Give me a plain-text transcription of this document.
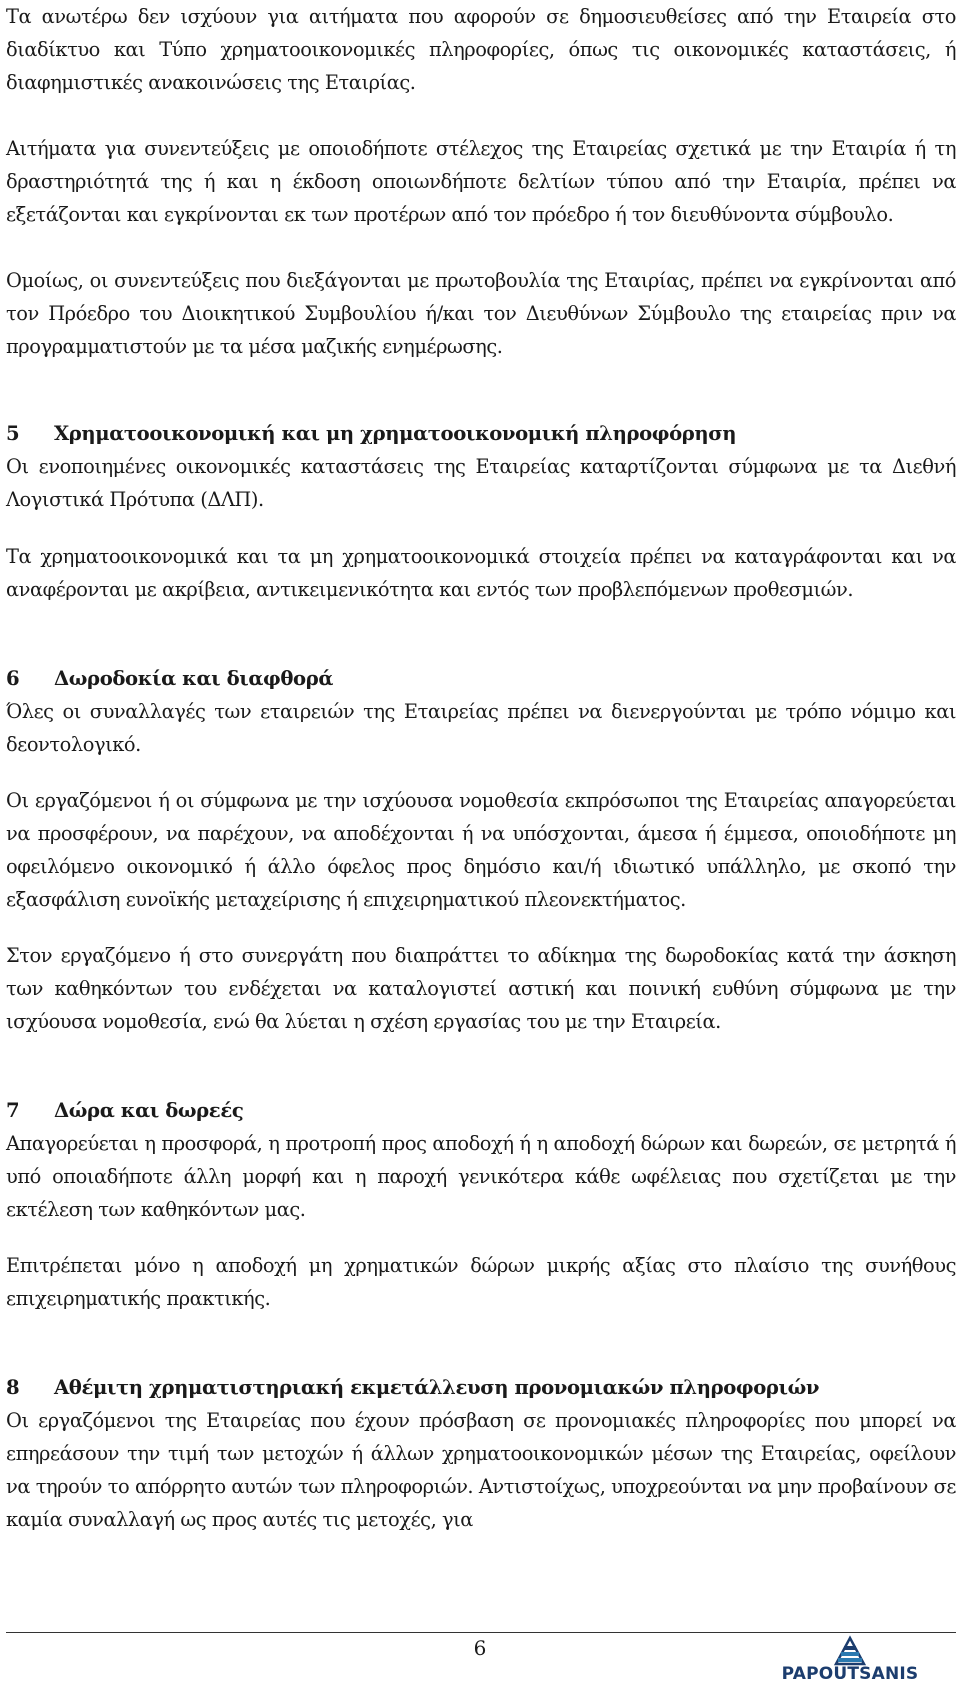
Τα ανωτέρω δεν ισχύουν για αιτήματα που αφορούν σε δημοσιευθείσες από την Εταιρεία στο διαδίκτυο και Τύπο χρηματοοικονομικές πληροφορίες, όπως τις οικονομικές καταστάσεις, ή διαφημιστικές ανακοινώσεις της Εταιρίας.

Αιτήματα για συνεντεύξεις με οποιοδήποτε στέλεχος της Εταιρείας σχετικά με την Εταιρία ή τη δραστηριότητά της ή και η έκδοση οποιωνδήποτε δελτίων τύπου από την Εταιρία, πρέπει να εξετάζονται και εγκρίνονται εκ των προτέρων από τον πρόεδρο ή τον διευθύνοντα σύμβουλο.

Ομοίως, οι συνεντεύξεις που διεξάγονται με πρωτοβουλία της Εταιρίας, πρέπει να εγκρίνονται από τον Πρόεδρο του Διοικητικού Συμβουλίου ή/και τον Διευθύνων Σύμβουλο της εταιρείας πριν να προγραμματιστούν με τα μέσα μαζικής ενημέρωσης.

5	Χρηματοοικονομική και μη χρηματοοικονομική πληροφόρηση

Οι ενοποιημένες οικονομικές καταστάσεις της Εταιρείας καταρτίζονται σύμφωνα με τα Διεθνή Λογιστικά Πρότυπα (ΔΛΠ).

Τα χρηματοοικονομικά και τα μη χρηματοοικονομικά στοιχεία πρέπει να καταγράφονται και να αναφέρονται με ακρίβεια, αντικειμενικότητα και εντός των προβλεπόμενων προθεσμιών.

6	Δωροδοκία και διαφθορά

Όλες οι συναλλαγές των εταιρειών της Εταιρείας πρέπει να διενεργούνται με τρόπο νόμιμο και δεοντολογικό.

Οι εργαζόμενοι ή οι σύμφωνα με την ισχύουσα νομοθεσία εκπρόσωποι της Εταιρείας απαγορεύεται να προσφέρουν, να παρέχουν, να αποδέχονται ή να υπόσχονται, άμεσα ή έμμεσα, οποιοδήποτε μη οφειλόμενο οικονομικό ή άλλο όφελος προς δημόσιο και/ή ιδιωτικό υπάλληλο, με σκοπό την εξασφάλιση ευνοϊκής μεταχείρισης ή επιχειρηματικού πλεονεκτήματος.

Στον εργαζόμενο ή στο συνεργάτη που διαπράττει το αδίκημα της δωροδοκίας κατά την άσκηση των καθηκόντων του ενδέχεται να καταλογιστεί αστική και ποινική ευθύνη σύμφωνα με την ισχύουσα νομοθεσία, ενώ θα λύεται η σχέση εργασίας του με την Εταιρεία.

7	Δώρα και δωρεές

Απαγορεύεται η προσφορά, η προτροπή προς αποδοχή ή η αποδοχή δώρων και δωρεών, σε μετρητά ή υπό οποιαδήποτε άλλη μορφή και η παροχή γενικότερα κάθε ωφέλειας που σχετίζεται με την εκτέλεση των καθηκόντων μας.

Επιτρέπεται μόνο η αποδοχή μη χρηματικών δώρων μικρής αξίας στο πλαίσιο της συνήθους επιχειρηματικής πρακτικής.

8	Αθέμιτη χρηματιστηριακή εκμετάλλευση προνομιακών πληροφοριών

Οι εργαζόμενοι της Εταιρείας που έχουν πρόσβαση σε προνομιακές πληροφορίες που μπορεί να επηρεάσουν την τιμή των μετοχών ή άλλων χρηματοοικονομικών μέσων της Εταιρείας, οφείλουν να τηρούν το απόρρητο αυτών των πληροφοριών. Αντιστοίχως, υποχρεούνται να μην προβαίνουν σε καμία συναλλαγή ως προς αυτές τις μετοχές, για

6
PAPOUTSANIS
